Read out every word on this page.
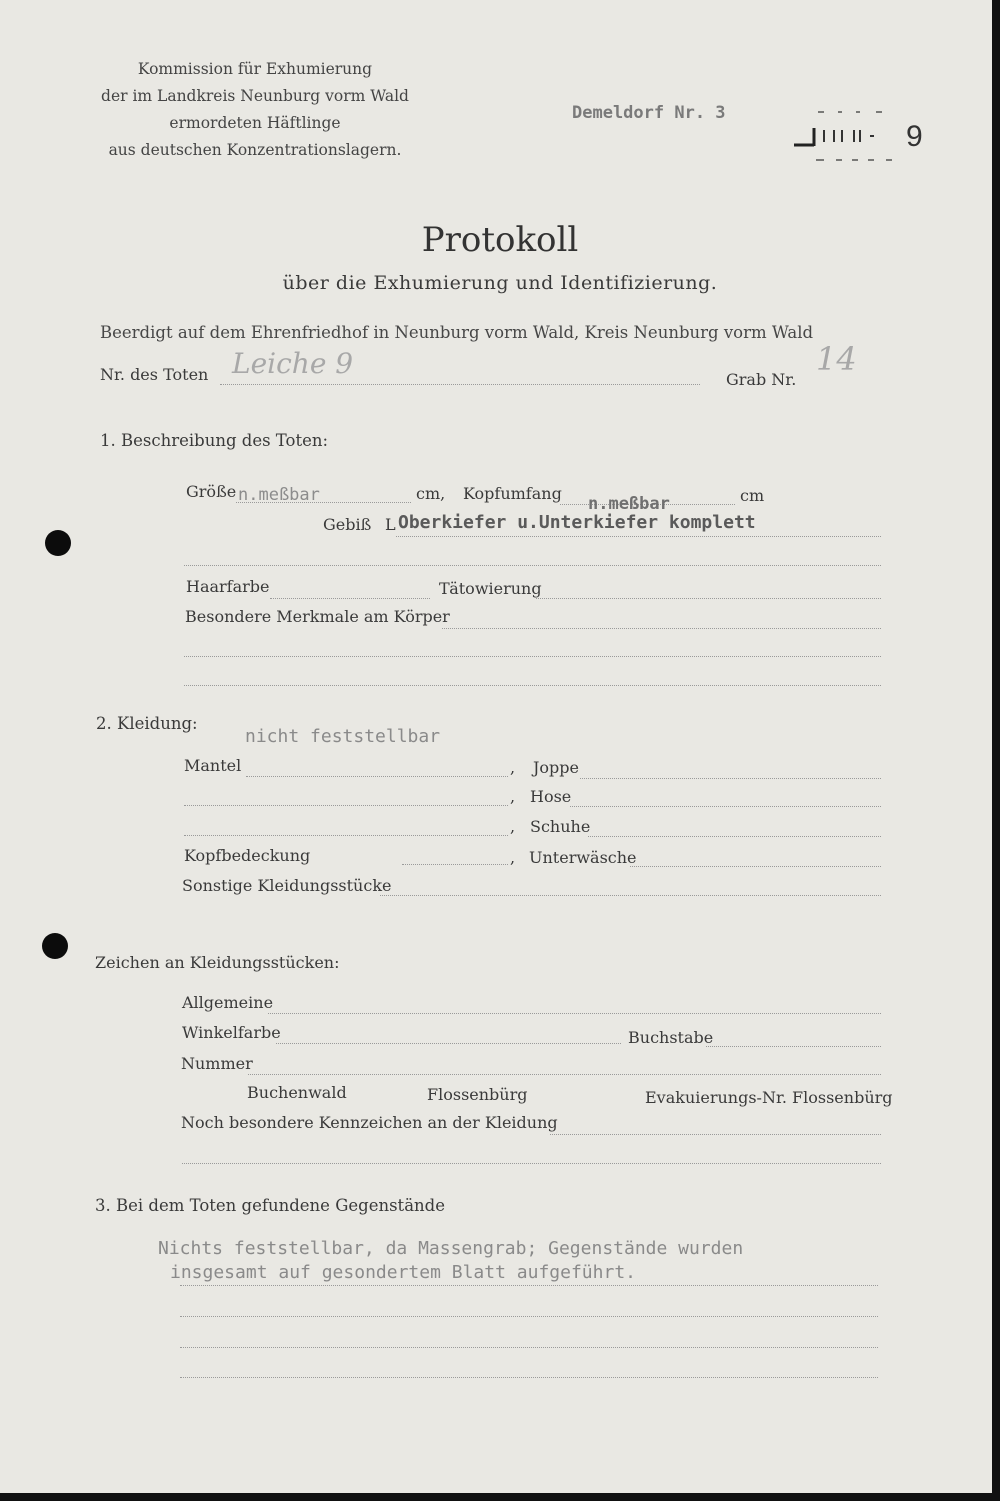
Kommission für Exhumierung
der im Landkreis Neunburg vorm Wald
ermordeten Häftlinge
aus deutschen Konzentrationslagern.
Demeldorf Nr. 3
9
Protokoll
über die Exhumierung und Identifizierung.
Beerdigt auf dem Ehrenfriedhof in Neunburg vorm Wald, Kreis Neunburg vorm Wald
Nr. des Toten Leiche 9	Grab Nr.
14
1. Beschreibung des Toten:
Größe n.meßbar	cm, Kopfumfang
n.meßbar	cm
Gebiß L Oberkiefer u.Unterkiefer komplett
Haarfarbe	Tätowierung
Besondere Merkmale am Körper
2. Kleidung:
nicht feststellbar
Mantel	, Joppe
, Hose
, Schuhe
Kopfbedeckung	, Unterwäsche
Sonstige Kleidungsstücke
Zeichen an Kleidungsstücken:
Allgemeine
Winkelfarbe	Buchstabe
Nummer
Buchenwald	Flossenbürg	Evakuierungs-Nr. Flossenbürg
Noch besondere Kennzeichen an der Kleidung
3. Bei dem Toten gefundene Gegenstände
Nichts feststellbar, da Massengrab; Gegenstände wurden
insgesamt auf gesondertem Blatt aufgeführt.
